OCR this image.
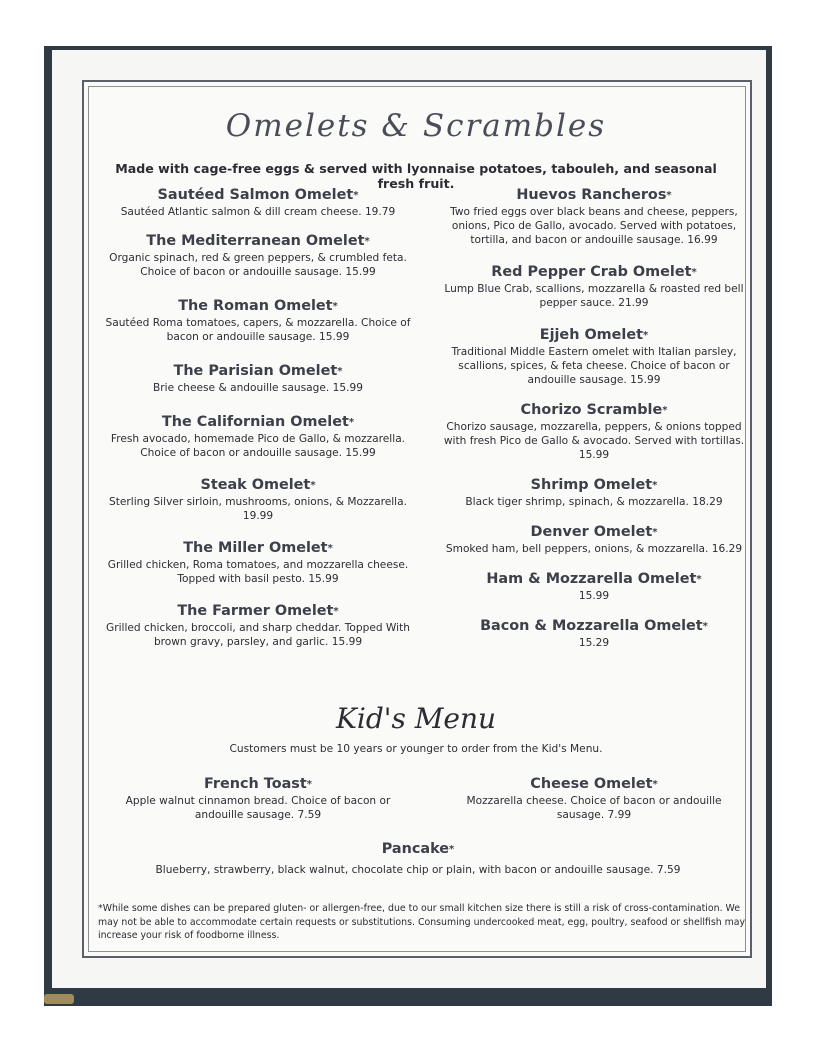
Omelets & Scrambles

Made with cage-free eggs & served with lyonnaise potatoes, tabouleh, and seasonal fresh fruit.

Sautéed Salmon Omelet*
Sautéed Atlantic salmon & dill cream cheese. 19.79
The Mediterranean Omelet*
Organic spinach, red & green peppers, & crumbled feta. Choice of bacon or andouille sausage. 15.99
The Roman Omelet*
Sautéed Roma tomatoes, capers, & mozzarella. Choice of bacon or andouille sausage. 15.99
The Parisian Omelet*
Brie cheese & andouille sausage. 15.99
The Californian Omelet*
Fresh avocado, homemade Pico de Gallo, & mozzarella. Choice of bacon or andouille sausage. 15.99
Steak Omelet*
Sterling Silver sirloin, mushrooms, onions, & Mozzarella. 19.99
The Miller Omelet*
Grilled chicken, Roma tomatoes, and mozzarella cheese. Topped with basil pesto. 15.99
The Farmer Omelet*
Grilled chicken, broccoli, and sharp cheddar. Topped With brown gravy, parsley, and garlic. 15.99
Huevos Rancheros*
Two fried eggs over black beans and cheese, peppers, onions, Pico de Gallo, avocado. Served with potatoes, tortilla, and bacon or andouille sausage. 16.99
Red Pepper Crab Omelet*
Lump Blue Crab, scallions, mozzarella & roasted red bell pepper sauce. 21.99
Ejjeh Omelet*
Traditional Middle Eastern omelet with Italian parsley, scallions, spices, & feta cheese. Choice of bacon or andouille sausage. 15.99
Chorizo Scramble*
Chorizo sausage, mozzarella, peppers, & onions topped with fresh Pico de Gallo & avocado. Served with tortillas. 15.99
Shrimp Omelet*
Black tiger shrimp, spinach, & mozzarella. 18.29
Denver Omelet*
Smoked ham, bell peppers, onions, & mozzarella. 16.29
Ham & Mozzarella Omelet*
15.99
Bacon & Mozzarella Omelet*
15.29
Kid's Menu
Customers must be 10 years or younger to order from the Kid's Menu.
French Toast*
Apple walnut cinnamon bread. Choice of bacon or andouille sausage. 7.59
Cheese Omelet*
Mozzarella cheese. Choice of bacon or andouille sausage. 7.99
Pancake*
Blueberry, strawberry, black walnut, chocolate chip or plain, with bacon or andouille sausage. 7.59
*While some dishes can be prepared gluten- or allergen-free, due to our small kitchen size there is still a risk of cross-contamination. We may not be able to accommodate certain requests or substitutions. Consuming undercooked meat, egg, poultry, seafood or shellfish may increase your risk of foodborne illness.
